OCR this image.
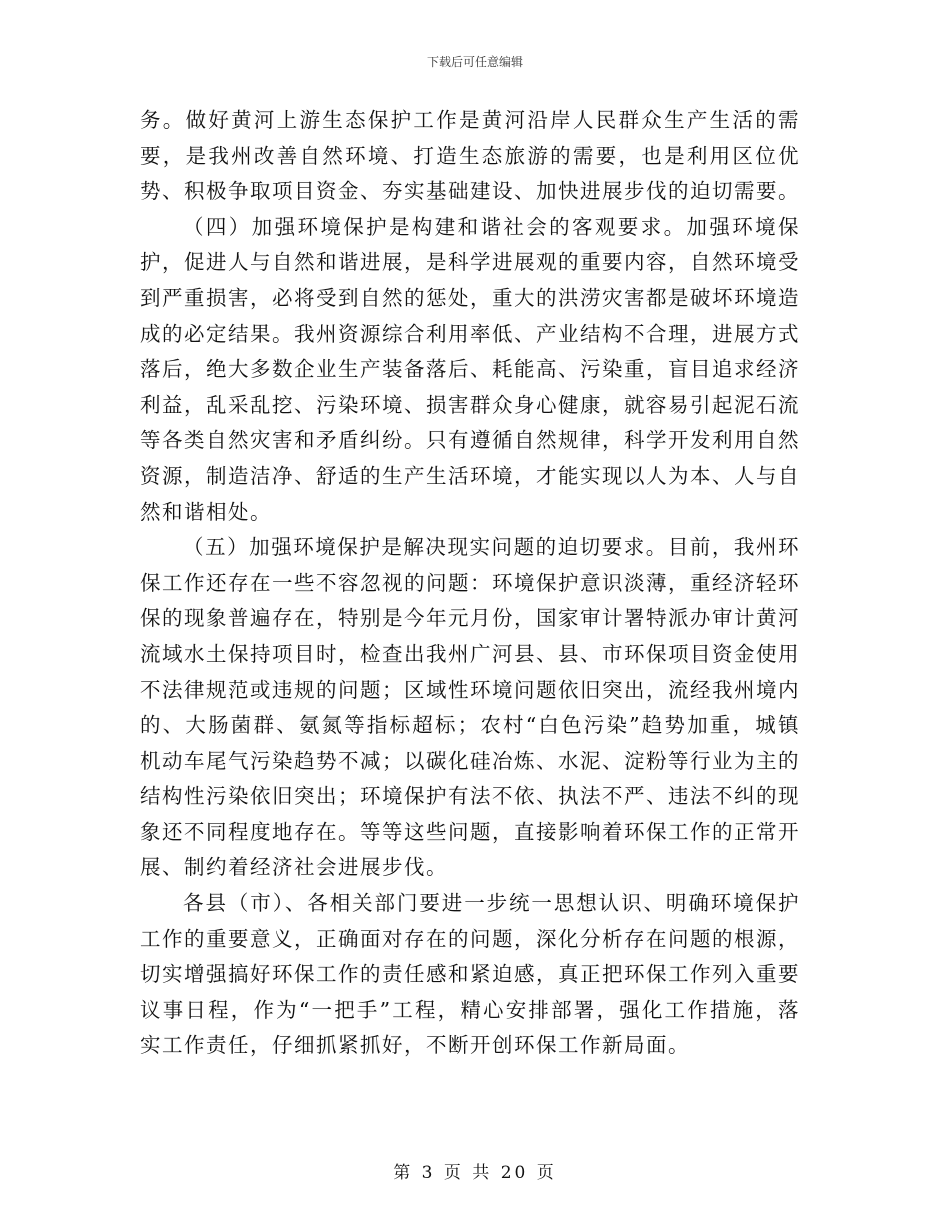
下载后可任意编辑

务。做好黄河上游生态保护工作是黄河沿岸人民群众生产生活的需要，是我州改善自然环境、打造生态旅游的需要，也是利用区位优势、积极争取项目资金、夯实基础建设、加快进展步伐的迫切需要。

（四）加强环境保护是构建和谐社会的客观要求。加强环境保护，促进人与自然和谐进展，是科学进展观的重要内容，自然环境受到严重损害，必将受到自然的惩处，重大的洪涝灾害都是破坏环境造成的必定结果。我州资源综合利用率低、产业结构不合理，进展方式落后，绝大多数企业生产装备落后、耗能高、污染重，盲目追求经济利益，乱采乱挖、污染环境、损害群众身心健康，就容易引起泥石流等各类自然灾害和矛盾纠纷。只有遵循自然规律，科学开发利用自然资源，制造洁净、舒适的生产生活环境，才能实现以人为本、人与自然和谐相处。

（五）加强环境保护是解决现实问题的迫切要求。目前，我州环保工作还存在一些不容忽视的问题：环境保护意识淡薄，重经济轻环保的现象普遍存在，特别是今年元月份，国家审计署特派办审计黄河流域水土保持项目时，检查出我州广河县、县、市环保项目资金使用不法律规范或违规的问题；区域性环境问题依旧突出，流经我州境内的、大肠菌群、氨氮等指标超标；农村“白色污染”趋势加重，城镇机动车尾气污染趋势不减；以碳化硅冶炼、水泥、淀粉等行业为主的结构性污染依旧突出；环境保护有法不依、执法不严、违法不纠的现象还不同程度地存在。等等这些问题，直接影响着环保工作的正常开展、制约着经济社会进展步伐。

各县（市）、各相关部门要进一步统一思想认识、明确环境保护工作的重要意义，正确面对存在的问题，深化分析存在问题的根源，切实增强搞好环保工作的责任感和紧迫感，真正把环保工作列入重要议事日程，作为“一把手”工程，精心安排部署，强化工作措施，落实工作责任，仔细抓紧抓好，不断开创环保工作新局面。

第 3 页 共 20 页
